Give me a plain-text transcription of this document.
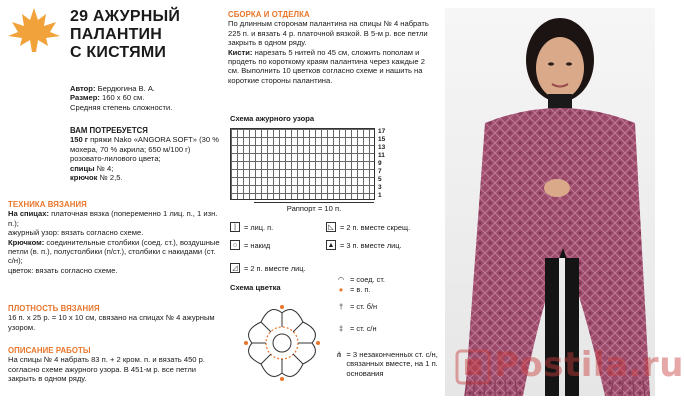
29 АЖУРНЫЙ
ПАЛАНТИН
С КИСТЯМИ
Автор: Бердюгина В. А.
Размер: 160 х 60 см.
Средняя степень сложности.
ВАМ ПОТРЕБУЕТСЯ
150 г пряжи Nako «ANGORA SOFT» (30 % мохера, 70 % акрила; 650 м/100 г) розовато-лилового цвета;
спицы № 4;
крючок № 2,5.
ТЕХНИКА ВЯЗАНИЯ
На спицах: платочная вязка (попеременно 1 лиц. п., 1 изн. п.);
ажурный узор: вязать согласно схеме.
Крючком: соединительные столбики (соед. ст.), воздушные петли (в. п.), полустолбики (п/ст.), столбики с накидами (ст. с/н);
цветок: вязать согласно схеме.
ПЛОТНОСТЬ ВЯЗАНИЯ
16 п. х 25 р. = 10 х 10 см, связано на спицах № 4 ажурным узором.
ОПИСАНИЕ РАБОТЫ
На спицы № 4 набрать 83 п. + 2 кром. п. и вязать 450 р. согласно схеме ажурного узора. В 451-м р. все петли закрыть в одном ряду.
СБОРКА И ОТДЕЛКА
По длинным сторонам палантина на спицы № 4 набрать 225 п. и вязать 4 р. платочной вязкой. В 5-м р. все петли закрыть в одном ряду.
Кисти: нарезать 5 нитей по 45 см, сложить пополам и продеть по короткому краям палантина через каждые 2 см. Выполнить 10 цветков согласно схеме и нашить на короткие стороны палантина.
Схема ажурного узора
17
15
13
11
9
7
5
3
1
Раппорт = 10 п.
|	= лиц. п.
○ = накид
◿ = 2 п. вместе лиц.
◺ = 2 п. вместе скрещ.
▲ = 3 п. вместе лиц.
Схема цветка
◠ = соед. ст.
● = в. п.
† = ст. б/н
‡ = ст. с/н
⋔ = 3 незаконченных ст. с/н, связанных вместе, на 1 п. основания	Postila.ru
